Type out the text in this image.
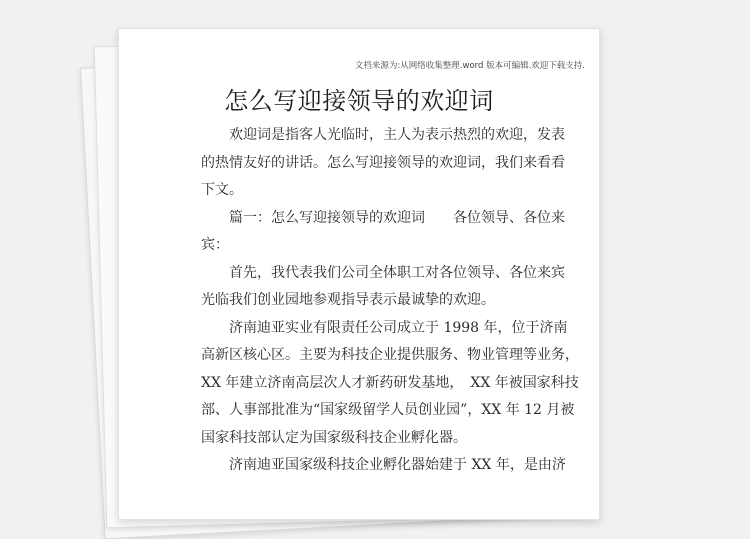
文档来源为:从网络收集整理.word 版本可编辑.欢迎下载支持.
怎么写迎接领导的欢迎词

欢迎词是指客人光临时，主人为表示热烈的欢迎，发表
的热情友好的讲话。怎么写迎接领导的欢迎词，我们来看看
下文。

篇一：怎么写迎接领导的欢迎词　　各位领导、各位来
宾：

首先，我代表我们公司全体职工对各位领导、各位来宾
光临我们创业园地参观指导表示最诚挚的欢迎。

济南迪亚实业有限责任公司成立于 1998 年，位于济南
高新区核心区。主要为科技企业提供服务、物业管理等业务，
XX 年建立济南高层次人才新药研发基地，　XX 年被国家科技
部、人事部批准为“国家级留学人员创业园”，XX 年 12 月被
国家科技部认定为国家级科技企业孵化器。

济南迪亚国家级科技企业孵化器始建于 XX 年，是由济
